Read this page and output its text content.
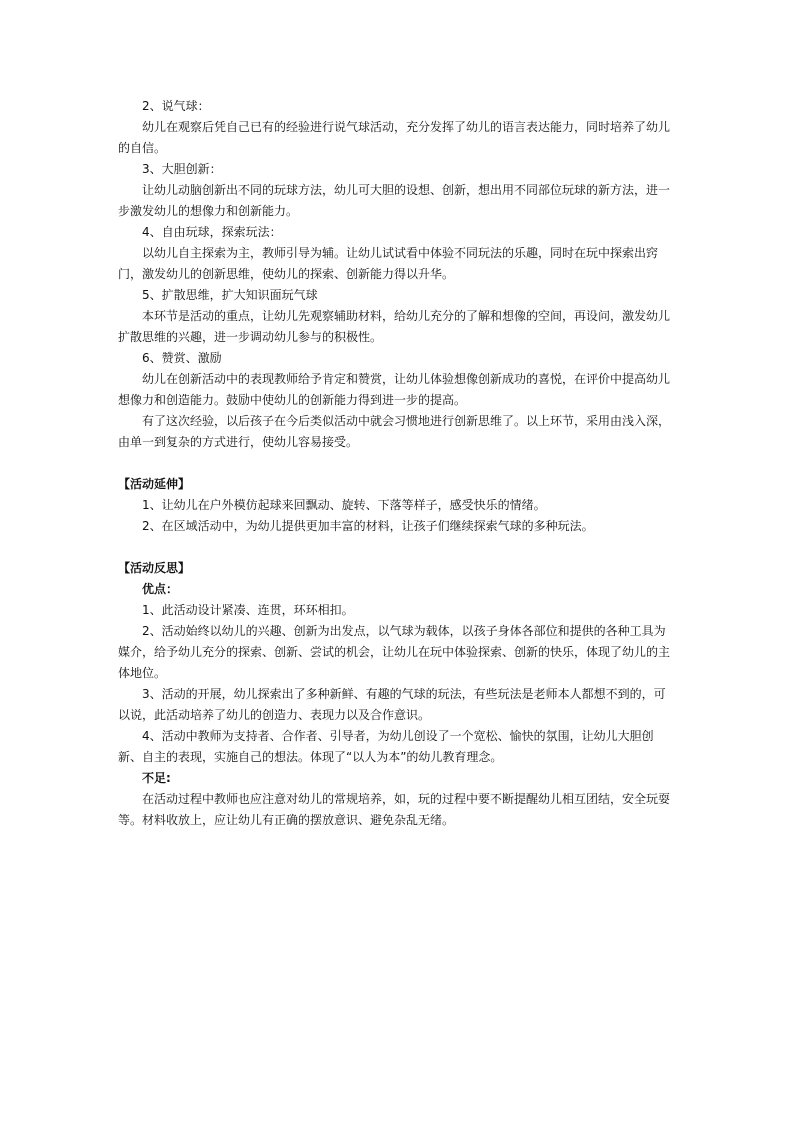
2、说气球：

幼儿在观察后凭自己已有的经验进行说气球活动，充分发挥了幼儿的语言表达能力，同时培养了幼儿的自信。

3、大胆创新：

让幼儿动脑创新出不同的玩球方法，幼儿可大胆的设想、创新，想出用不同部位玩球的新方法，进一步激发幼儿的想像力和创新能力。

4、自由玩球，探索玩法：

以幼儿自主探索为主，教师引导为辅。让幼儿试试看中体验不同玩法的乐趣，同时在玩中探索出窍门，激发幼儿的创新思维，使幼儿的探索、创新能力得以升华。

5、扩散思维，扩大知识面玩气球

本环节是活动的重点，让幼儿先观察辅助材料，给幼儿充分的了解和想像的空间，再设问，激发幼儿扩散思维的兴趣，进一步调动幼儿参与的积极性。

6、赞赏、激励

幼儿在创新活动中的表现教师给予肯定和赞赏，让幼儿体验想像创新成功的喜悦，在评价中提高幼儿想像力和创造能力。鼓励中使幼儿的创新能力得到进一步的提高。

有了这次经验，以后孩子在今后类似活动中就会习惯地进行创新思维了。以上环节，采用由浅入深，由单一到复杂的方式进行，使幼儿容易接受。

【活动延伸】

1、让幼儿在户外模仿起球来回飘动、旋转、下落等样子，感受快乐的情绪。

2、在区域活动中，为幼儿提供更加丰富的材料，让孩子们继续探索气球的多种玩法。

【活动反思】

优点：

1、此活动设计紧凑、连贯，环环相扣。

2、活动始终以幼儿的兴趣、创新为出发点，以气球为载体，以孩子身体各部位和提供的各种工具为媒介，给予幼儿充分的探索、创新、尝试的机会，让幼儿在玩中体验探索、创新的快乐，体现了幼儿的主体地位。

3、活动的开展，幼儿探索出了多种新鲜、有趣的气球的玩法，有些玩法是老师本人都想不到的，可以说，此活动培养了幼儿的创造力、表现力以及合作意识。

4、活动中教师为支持者、合作者、引导者，为幼儿创设了一个宽松、愉快的氛围，让幼儿大胆创新、自主的表现，实施自己的想法。体现了“以人为本”的幼儿教育理念。

不足:

在活动过程中教师也应注意对幼儿的常规培养，如，玩的过程中要不断提醒幼儿相互团结，安全玩耍等。材料收放上，应让幼儿有正确的摆放意识、避免杂乱无绪。
